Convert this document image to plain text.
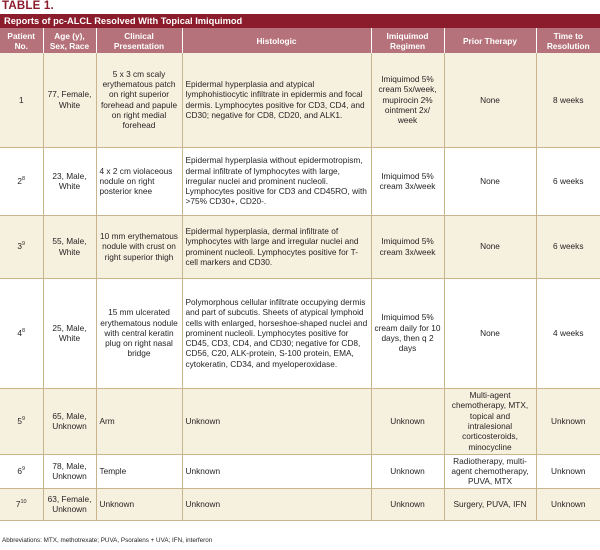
TABLE 1.
Reports of pc-ALCL Resolved With Topical Imiquimod
Patient No.	Age (y), Sex, Race	Clinical Presentation	Histologic	Imiquimod Regimen	Prior Therapy	Time to Resolution
1	77, Female, White	5 x 3 cm scaly erythematous patch on right superior forehead and papule on right medial forehead	Epidermal hyperplasia and atypical lymphohistiocytic infiltrate in epidermis and focal dermis. Lymphocytes positive for CD3, CD4, and CD30; negative for CD8, CD20, and ALK1.	Imiquimod 5% cream 5x/week, mupirocin 2% ointment 2x/ week	None	8 weeks
$2^8$	23, Male, White	4 x 2 cm violaceous nodule on right posterior knee	Epidermal hyperplasia without epidermotropism, dermal infiltrate of lymphocytes with large, irregular nuclei and prominent nucleoli. Lymphocytes positive for CD3 and CD45RO, with >75% CD30+, CD20-.	Imiquimod 5% cream 3x/week	None	6 weeks
$3^9$	55, Male, White	10 mm erythematous nodule with crust on right superior thigh	Epidermal hyperplasia, dermal infiltrate of lymphocytes with large and irregular nuclei and prominent nucleoli. Lymphocytes positive for T-cell markers and CD30.	Imiquimod 5% cream 3x/week	None	6 weeks
$4^8$	25, Male, White	15 mm ulcerated erythematous nodule with central keratin plug on right nasal bridge	Polymorphous cellular infiltrate occupying dermis and part of subcutis. Sheets of atypical lymphoid cells with enlarged, horseshoe-shaped nuclei and prominent nucleoli. Lymphocytes positive for CD45, CD3, CD4, and CD30; negative for CD8, CD56, C20, ALK-protein, S-100 protein, EMA, cytokeratin, CD34, and myeloperoxidase.	Imiquimod 5% cream daily for 10 days, then q 2 days	None	4 weeks
$5^9$	65, Male, Unknown	Arm	Unknown	Unknown	Multi-agent chemotherapy, MTX, topical and intralesional corticosteroids, minocycline	Unknown
$6^9$	78, Male, Unknown	Temple	Unknown	Unknown	Radiotherapy, multi-agent chemotherapy, PUVA, MTX	Unknown
$7^{10}$	63, Female, Unknown	Unknown	Unknown	Unknown	Surgery, PUVA, IFN	Unknown
Abbreviations: MTX, methotrexate; PUVA, Psoralens + UVA; IFN, interferon
